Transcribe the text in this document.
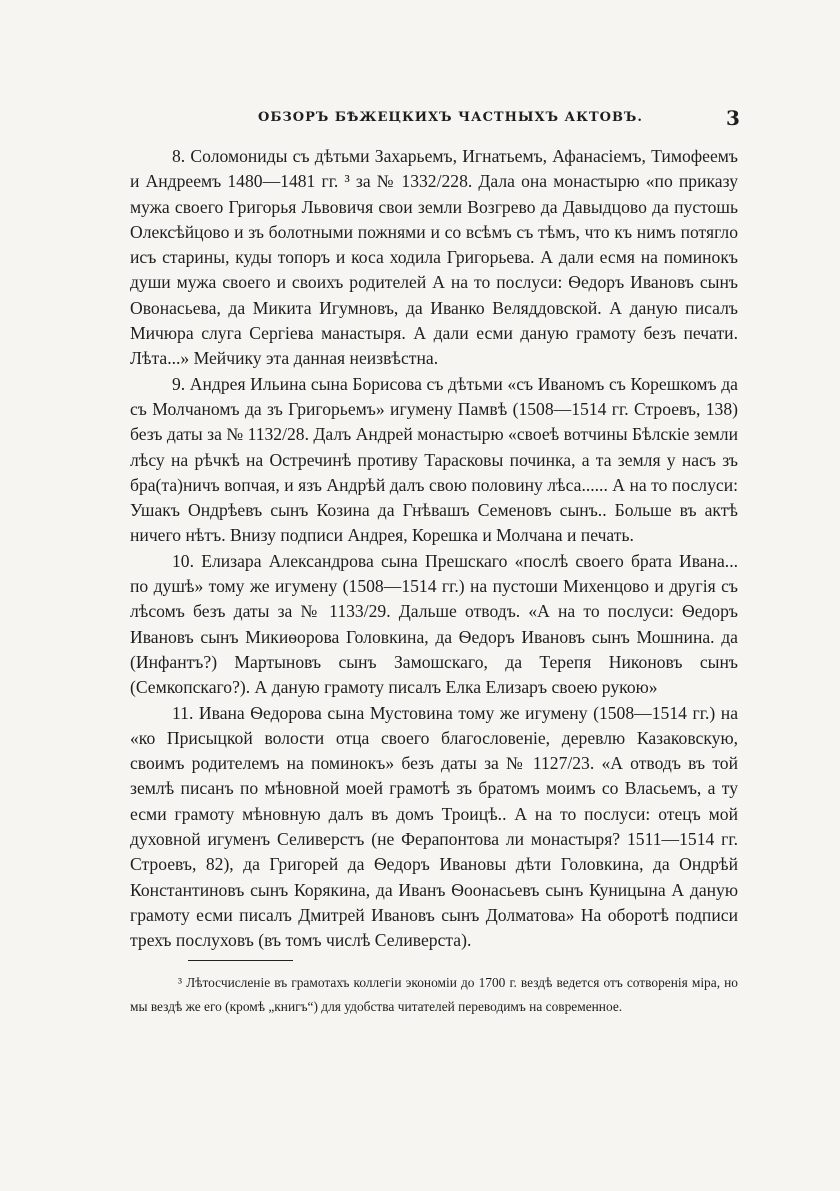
ОБЗОРЪ БѢЖЕЦКИХЪ ЧАСТНЫХЪ АКТОВЪ.	3

8. Соломониды съ дѣтьми Захарьемъ, Игнатьемъ, Афанасіемъ, Тимофеемъ и Андреемъ 1480—1481 гг. ³ за № 1332/228. Дала она монастырю «по приказу мужа своего Григорья Львовичя свои земли Возгрево да Давыдцово да пустошь Олексѣйцово и зъ болотными пожнями и со всѣмъ съ тѣмъ, что къ нимъ потягло исъ старины, куды топоръ и коса ходила Григорьева. А дали есмя на поминокъ души мужа своего и своихъ родителей А на то послуси: Ѳедоръ Ивановъ сынъ Овонасьева, да Микита Игумновъ, да Иванко Веляддовской. А даную писалъ Мичюра слуга Сергіева манастыря. А дали есми даную грамоту безъ печати. Лѣта...» Мейчику эта данная неизвѣстна.

9. Андрея Ильина сына Борисова съ дѣтьми «съ Иваномъ съ Корешкомъ да съ Молчаномъ да зъ Григорьемъ» игумену Памвѣ (1508—1514 гг. Строевъ, 138) безъ даты за № 1132/28. Далъ Андрей монастырю «своеѣ вотчины Бѣлскіе земли лѣсу на рѣчкѣ на Остречинѣ противу Тарасковы починка, а та земля у насъ зъ бра(та)ничъ вопчая, и язъ Андрѣй далъ свою половину лѣса...... А на то послуси: Ушакъ Ондрѣевъ сынъ Козина да Гнѣвашъ Семеновъ сынъ.. Больше въ актѣ ничего нѣтъ. Внизу подписи Андрея, Корешка и Молчана и печать.

10. Елизара Александрова сына Прешскаго «послѣ своего брата Ивана... по душѣ» тому же игумену (1508—1514 гг.) на пустоши Михенцово и другія съ лѣсомъ безъ даты за № 1133/29. Дальше отводъ. «А на то послуси: Ѳедоръ Ивановъ сынъ Микиѳорова Головкина, да Ѳедоръ Ивановъ сынъ Мошнина. да (Инфантъ?) Мартыновъ сынъ Замошскаго, да Терепя Никоновъ сынъ (Семкопскаго?). А даную грамоту писалъ Елка Елизаръ своею рукою»

11. Ивана Ѳедорова сына Мустовина тому же игумену (1508—1514 гг.) на «ко Присыцкой волости отца своего благословеніе, деревлю Казаковскую, своимъ родителемъ на поминокъ» безъ даты за № 1127/23. «А отводъ въ той землѣ писанъ по мѣновной моей грамотѣ зъ братомъ моимъ со Власьемъ, а ту есми грамоту мѣновную далъ въ домъ Троицѣ.. А на то послуси: отецъ мой духовной игуменъ Селиверстъ (не Ферапонтова ли монастыря? 1511—1514 гг. Строевъ, 82), да Григорей да Ѳедоръ Ивановы дѣти Головкина, да Ондрѣй Константиновъ сынъ Корякина, да Иванъ Ѳоонасьевъ сынъ Куницына А даную грамоту есми писалъ Дмитрей Ивановъ сынъ Долматова» На оборотѣ подписи трехъ послуховъ (въ томъ числѣ Селиверста).

³ Лѣтосчисленіе въ грамотахъ коллегіи экономіи до 1700 г. вездѣ ведется отъ сотворенія міра, но мы вездѣ же его (кромѣ „книгъ“) для удобства читателей переводимъ на современное.
